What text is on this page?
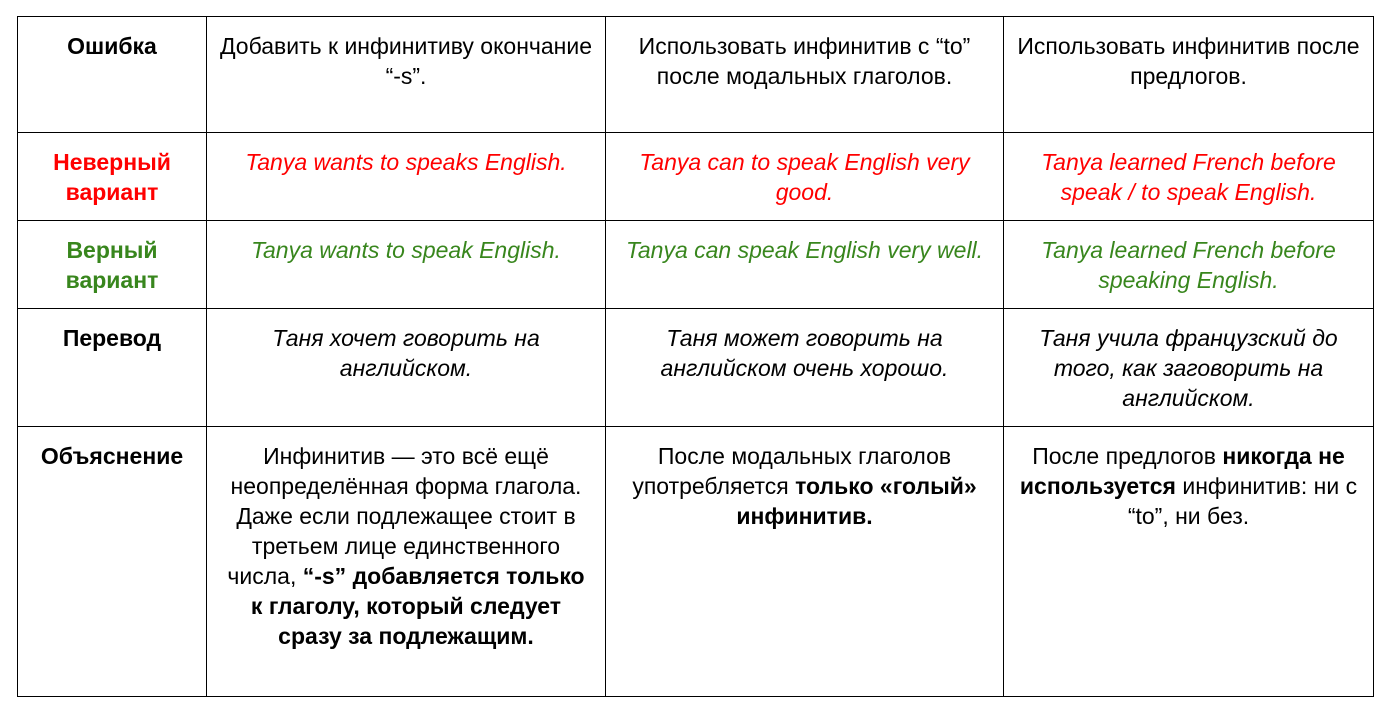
Ошибка	Добавить к инфинитиву окончание “-s”.	Использовать инфинитив с “to” после модальных глаголов.	Использовать инфинитив после предлогов.
Неверный вариант	Tanya wants to speaks English.	Tanya can to speak English very good.	Tanya learned French before speak / to speak English.
Верный вариант	Tanya wants to speak English.	Tanya can speak English very well.	Tanya learned French before speaking English.
Перевод	Таня хочет говорить на английском.	Таня может говорить на английском очень хорошо.	Таня учила французский до того, как заговорить на английском.
Объяснение	Инфинитив — это всё ещё неопределённая форма глагола. Даже если подлежащее стоит в третьем лице единственного числа, “-s” добавляется только к глаголу, который следует сразу за подлежащим.	После модальных глаголов употребляется только «голый» инфинитив.	После предлогов никогда не используется инфинитив: ни с “to”, ни без.
